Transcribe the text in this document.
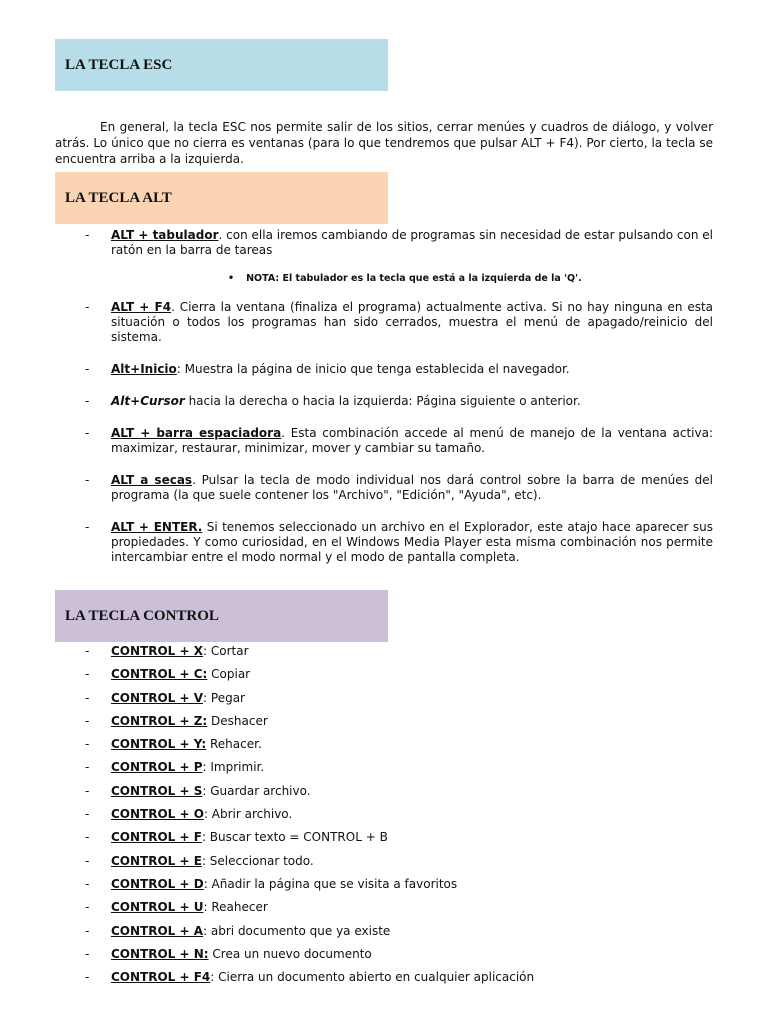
LA TECLA ESC

En general, la tecla ESC nos permite salir de los sitios, cerrar menúes y cuadros de diálogo, y volver atrás. Lo único que no cierra es ventanas (para lo que tendremos que pulsar ALT + F4). Por cierto, la tecla se encuentra arriba a la izquierda.

LA TECLA ALT
- ALT + tabulador. con ella iremos cambiando de programas sin necesidad de estar pulsando con el ratón en la barra de tareas
• NOTA: El tabulador es la tecla que está a la izquierda de la 'Q'.
- ALT + F4. Cierra la ventana (finaliza el programa) actualmente activa. Si no hay ninguna en esta situación o todos los programas han sido cerrados, muestra el menú de apagado/reinicio del sistema.
- Alt+Inicio: Muestra la página de inicio que tenga establecida el navegador.
- Alt+Cursor hacia la derecha o hacia la izquierda: Página siguiente o anterior.
- ALT + barra espaciadora. Esta combinación accede al menú de manejo de la ventana activa: maximizar, restaurar, minimizar, mover y cambiar su tamaño.
- ALT a secas. Pulsar la tecla de modo individual nos dará control sobre la barra de menúes del programa (la que suele contener los "Archivo", "Edición", "Ayuda", etc).
- ALT + ENTER. Si tenemos seleccionado un archivo en el Explorador, este atajo hace aparecer sus propiedades. Y como curiosidad, en el Windows Media Player esta misma combinación nos permite intercambiar entre el modo normal y el modo de pantalla completa.
LA TECLA CONTROL
- CONTROL + X: Cortar
- CONTROL + C: Copiar
- CONTROL + V: Pegar
- CONTROL + Z: Deshacer
- CONTROL + Y: Rehacer.
- CONTROL + P: Imprimir.
- CONTROL + S: Guardar archivo.
- CONTROL + O: Abrir archivo.
- CONTROL + F: Buscar texto = CONTROL + B
- CONTROL + E: Seleccionar todo.
- CONTROL + D: Añadir la página que se visita a favoritos
- CONTROL + U: Reahecer
- CONTROL + A: abri documento que ya existe
- CONTROL + N: Crea un nuevo documento
- CONTROL + F4: Cierra un documento abierto en cualquier aplicación
